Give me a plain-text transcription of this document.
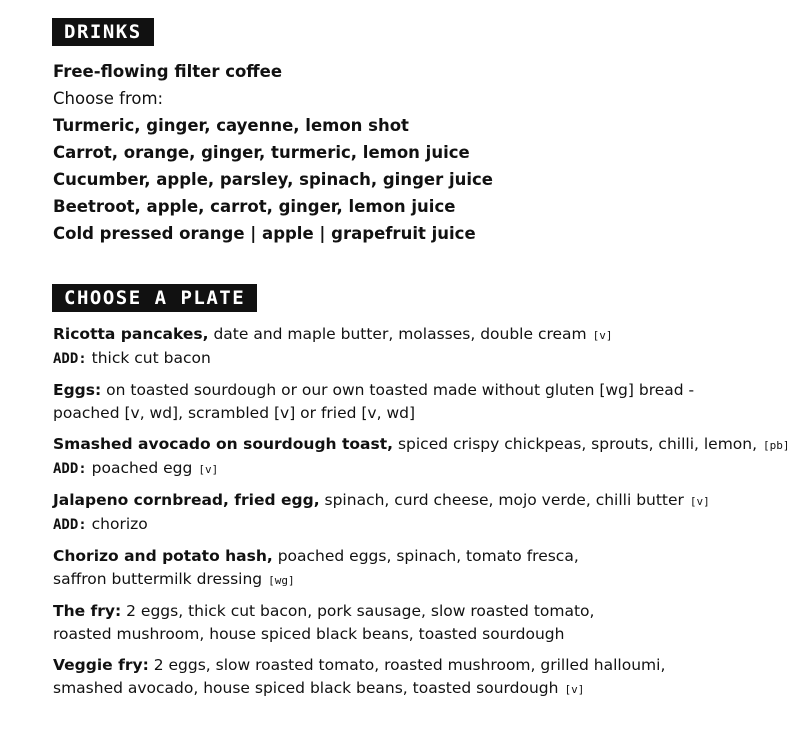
DRINKS
Free-flowing filter coffee
Choose from:
Turmeric, ginger, cayenne, lemon shot
Carrot, orange, ginger, turmeric, lemon juice
Cucumber, apple, parsley, spinach, ginger juice
Beetroot, apple, carrot, ginger, lemon juice
Cold pressed orange | apple | grapefruit juice
CHOOSE A PLATE
Ricotta pancakes, date and maple butter, molasses, double cream [v]
ADD: thick cut bacon
Eggs: on toasted sourdough or our own toasted made without gluten [wg] bread -
poached [v, wd], scrambled [v] or fried [v, wd]
Smashed avocado on sourdough toast, spiced crispy chickpeas, sprouts, chilli, lemon, [pb]
ADD: poached egg [v]
Jalapeno cornbread, fried egg, spinach, curd cheese, mojo verde, chilli butter [v]
ADD: chorizo
Chorizo and potato hash, poached eggs, spinach, tomato fresca,
saffron buttermilk dressing [wg]
The fry: 2 eggs, thick cut bacon, pork sausage, slow roasted tomato,
roasted mushroom, house spiced black beans, toasted sourdough
Veggie fry: 2 eggs, slow roasted tomato, roasted mushroom, grilled halloumi,
smashed avocado, house spiced black beans, toasted sourdough [v]
